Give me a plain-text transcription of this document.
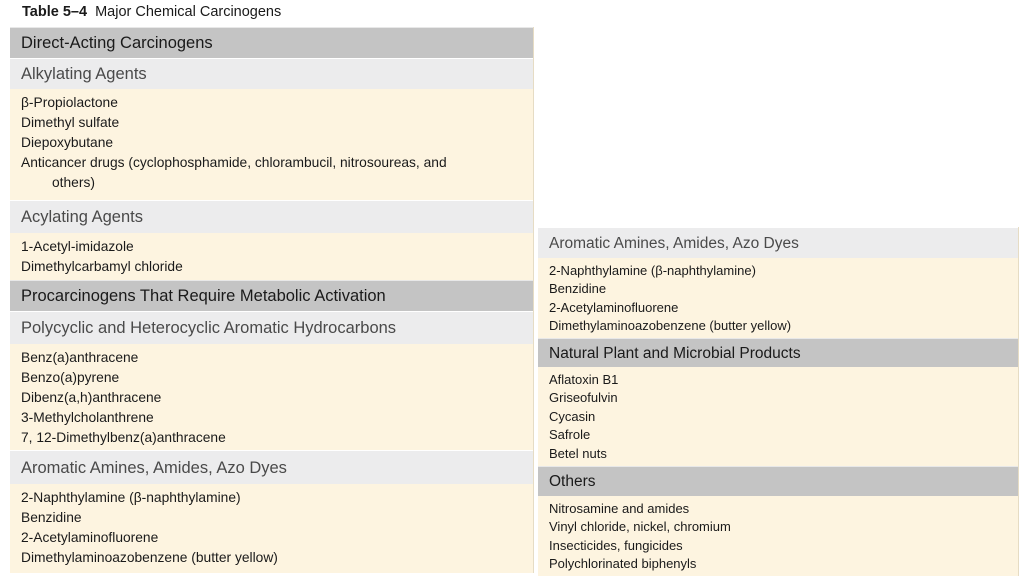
Table 5–4 Major Chemical Carcinogens
Direct-Acting Carcinogens
Alkylating Agents
β-Propiolactone
Dimethyl sulfate
Diepoxybutane
Anticancer drugs (cyclophosphamide, chlorambucil, nitrosoureas, and
others)
Acylating Agents
1-Acetyl-imidazole
Dimethylcarbamyl chloride
Procarcinogens That Require Metabolic Activation
Polycyclic and Heterocyclic Aromatic Hydrocarbons
Benz(a)anthracene
Benzo(a)pyrene
Dibenz(a,h)anthracene
3-Methylcholanthrene
7, 12-Dimethylbenz(a)anthracene
Aromatic Amines, Amides, Azo Dyes
2-Naphthylamine (β-naphthylamine)
Benzidine
2-Acetylaminofluorene
Dimethylaminoazobenzene (butter yellow)
Aromatic Amines, Amides, Azo Dyes
2-Naphthylamine (β-naphthylamine)
Benzidine
2-Acetylaminofluorene
Dimethylaminoazobenzene (butter yellow)
Natural Plant and Microbial Products
Aflatoxin B1
Griseofulvin
Cycasin
Safrole
Betel nuts
Others
Nitrosamine and amides
Vinyl chloride, nickel, chromium
Insecticides, fungicides
Polychlorinated biphenyls
